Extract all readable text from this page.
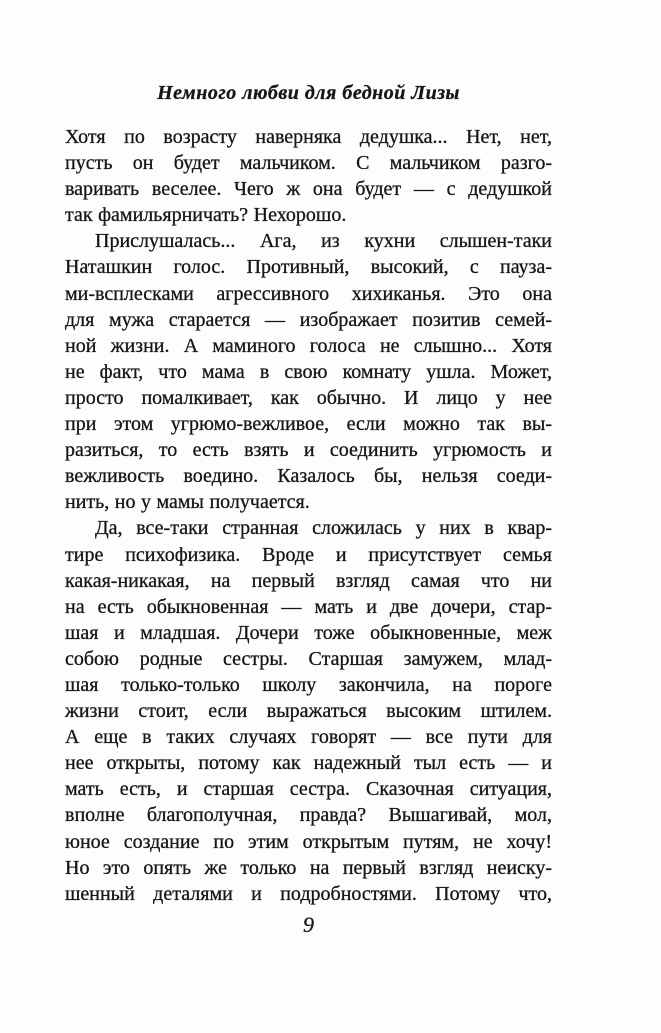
Немного любви для бедной Лизы
Хотя по возрасту наверняка дедушка... Нет, нет,
пусть он будет мальчиком. С мальчиком разго-
варивать веселее. Чего ж она будет — с дедушкой
так фамильярничать? Нехорошо.
Прислушалась... Ага, из кухни слышен-таки
Наташкин голос. Противный, высокий, с пауза-
ми-всплесками агрессивного хихиканья. Это она
для мужа старается — изображает позитив семей-
ной жизни. А маминого голоса не слышно... Хотя
не факт, что мама в свою комнату ушла. Может,
просто помалкивает, как обычно. И лицо у нее
при этом угрюмо-вежливое, если можно так вы-
разиться, то есть взять и соединить угрюмость и
вежливость воедино. Казалось бы, нельзя соеди-
нить, но у мамы получается.
Да, все-таки странная сложилась у них в квар-
тире психофизика. Вроде и присутствует семья
какая-никакая, на первый взгляд самая что ни
на есть обыкновенная — мать и две дочери, стар-
шая и младшая. Дочери тоже обыкновенные, меж
собою родные сестры. Старшая замужем, млад-
шая только-только школу закончила, на пороге
жизни стоит, если выражаться высоким штилем.
А еще в таких случаях говорят — все пути для
нее открыты, потому как надежный тыл есть — и
мать есть, и старшая сестра. Сказочная ситуация,
вполне благополучная, правда? Вышагивай, мол,
юное создание по этим открытым путям, не хочу!
Но это опять же только на первый взгляд неиску-
шенный деталями и подробностями. Потому что,
9
